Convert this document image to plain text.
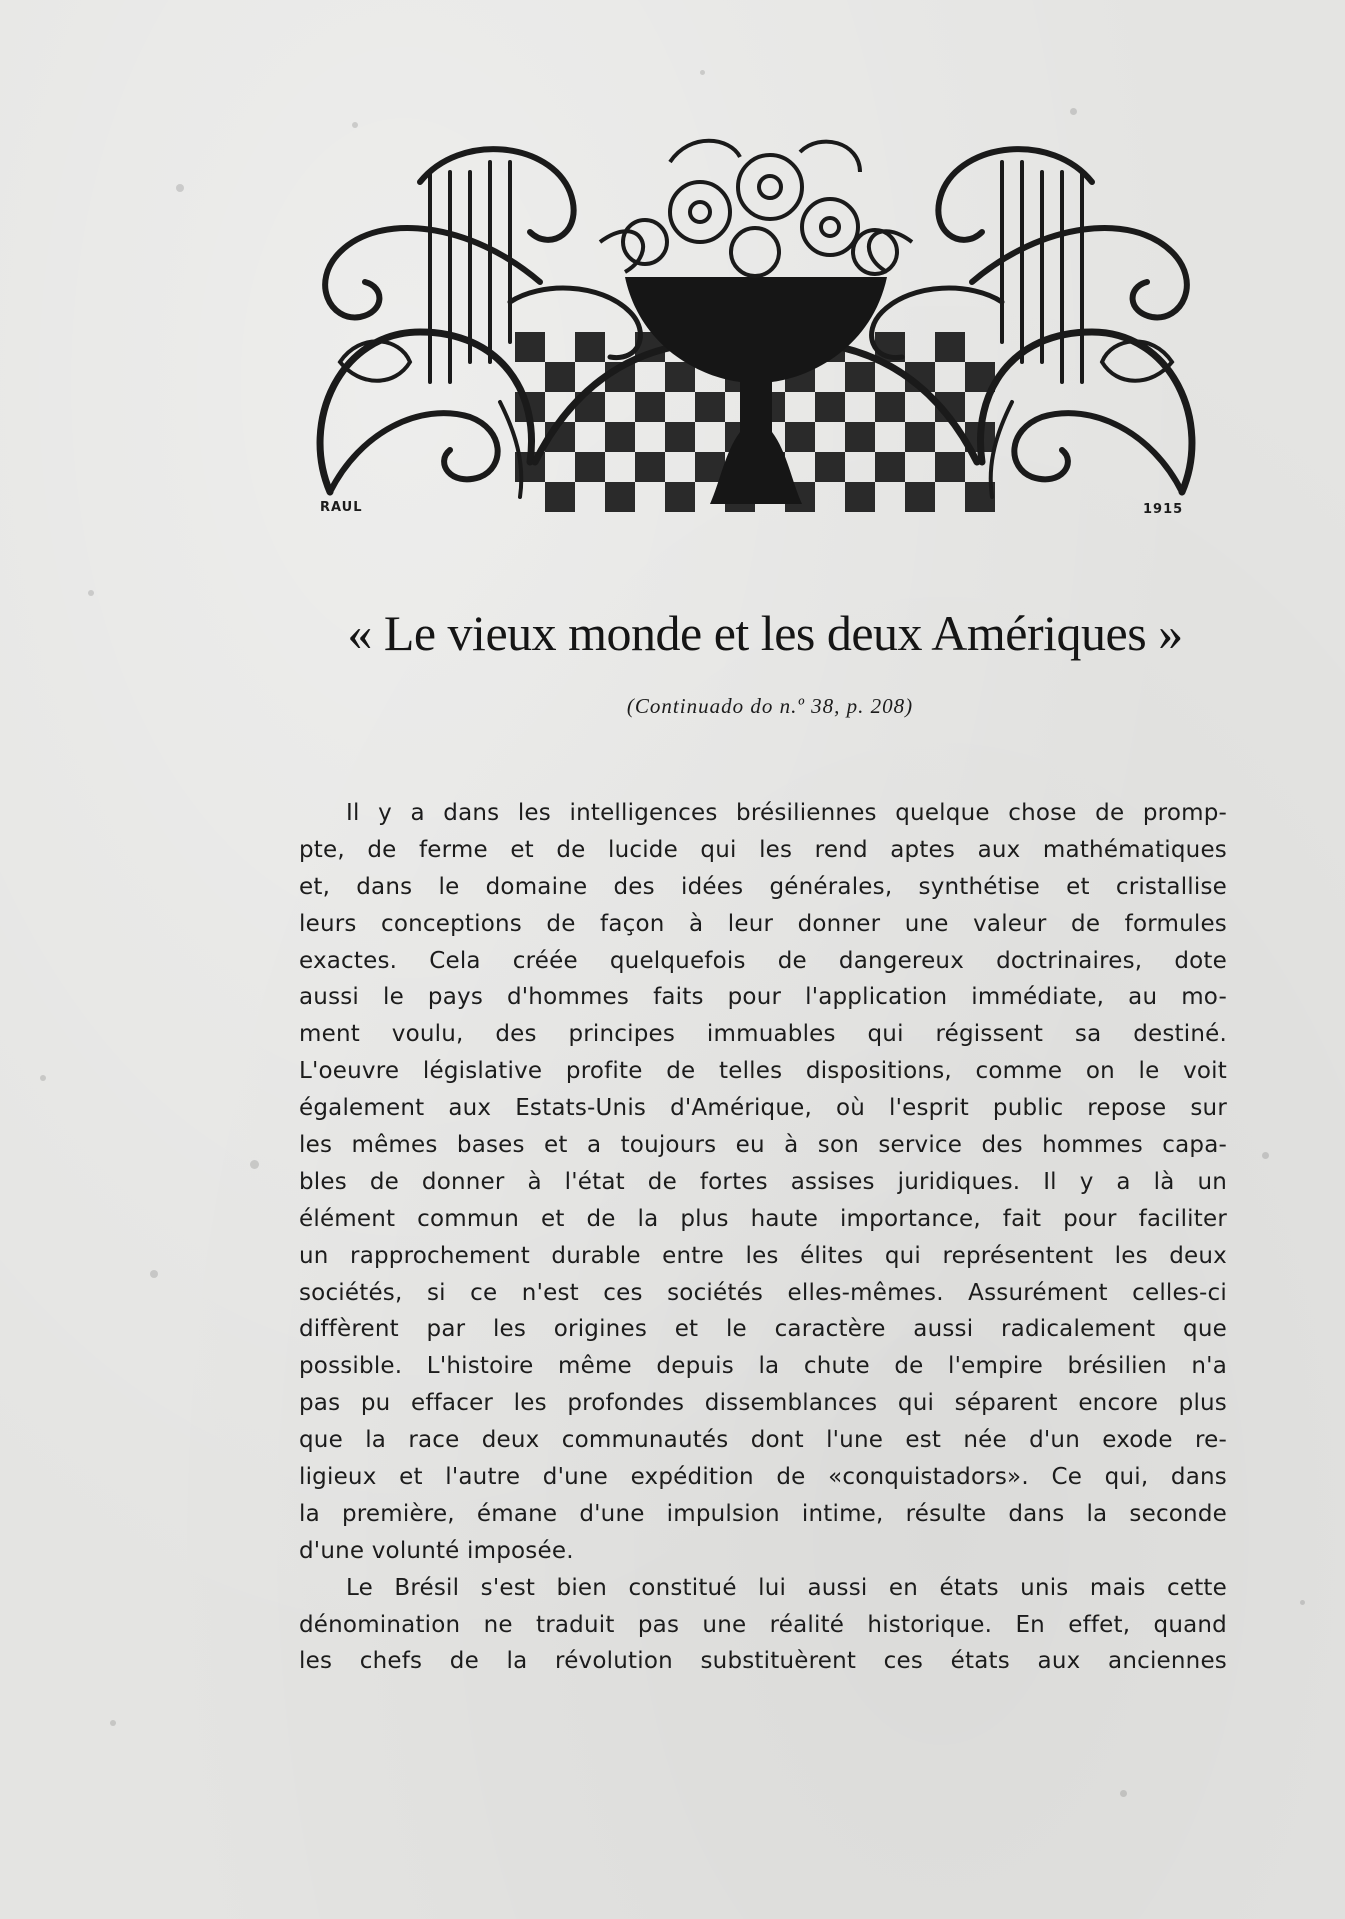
RAUL	1915
« Le vieux monde et les deux Amériques »
(Continuado do n.º 38, p. 208)
Il y a dans les intelligences brésiliennes quelque chose de promp-
pte, de ferme et de lucide qui les rend aptes aux mathématiques
et, dans le domaine des idées générales, synthétise et cristallise
leurs conceptions de façon à leur donner une valeur de formules
exactes. Cela créée quelquefois de dangereux doctrinaires, dote
aussi le pays d'hommes faits pour l'application immédiate, au mo-
ment voulu, des principes immuables qui régissent sa destiné.
L'oeuvre législative profite de telles dispositions, comme on le voit
également aux Estats-Unis d'Amérique, où l'esprit public repose sur
les mêmes bases et a toujours eu à son service des hommes capa-
bles de donner à l'état de fortes assises juridiques. Il y a là un
élément commun et de la plus haute importance, fait pour faciliter
un rapprochement durable entre les élites qui représentent les deux
sociétés, si ce n'est ces sociétés elles-mêmes. Assurément celles-ci
diffèrent par les origines et le caractère aussi radicalement que
possible. L'histoire même depuis la chute de l'empire brésilien n'a
pas pu effacer les profondes dissemblances qui séparent encore plus
que la race deux communautés dont l'une est née d'un exode re-
ligieux et l'autre d'une expédition de «conquistadors». Ce qui, dans
la première, émane d'une impulsion intime, résulte dans la seconde
d'une volunté imposée.
Le Brésil s'est bien constitué lui aussi en états unis mais cette
dénomination ne traduit pas une réalité historique. En effet, quand
les chefs de la révolution substituèrent ces états aux anciennes
